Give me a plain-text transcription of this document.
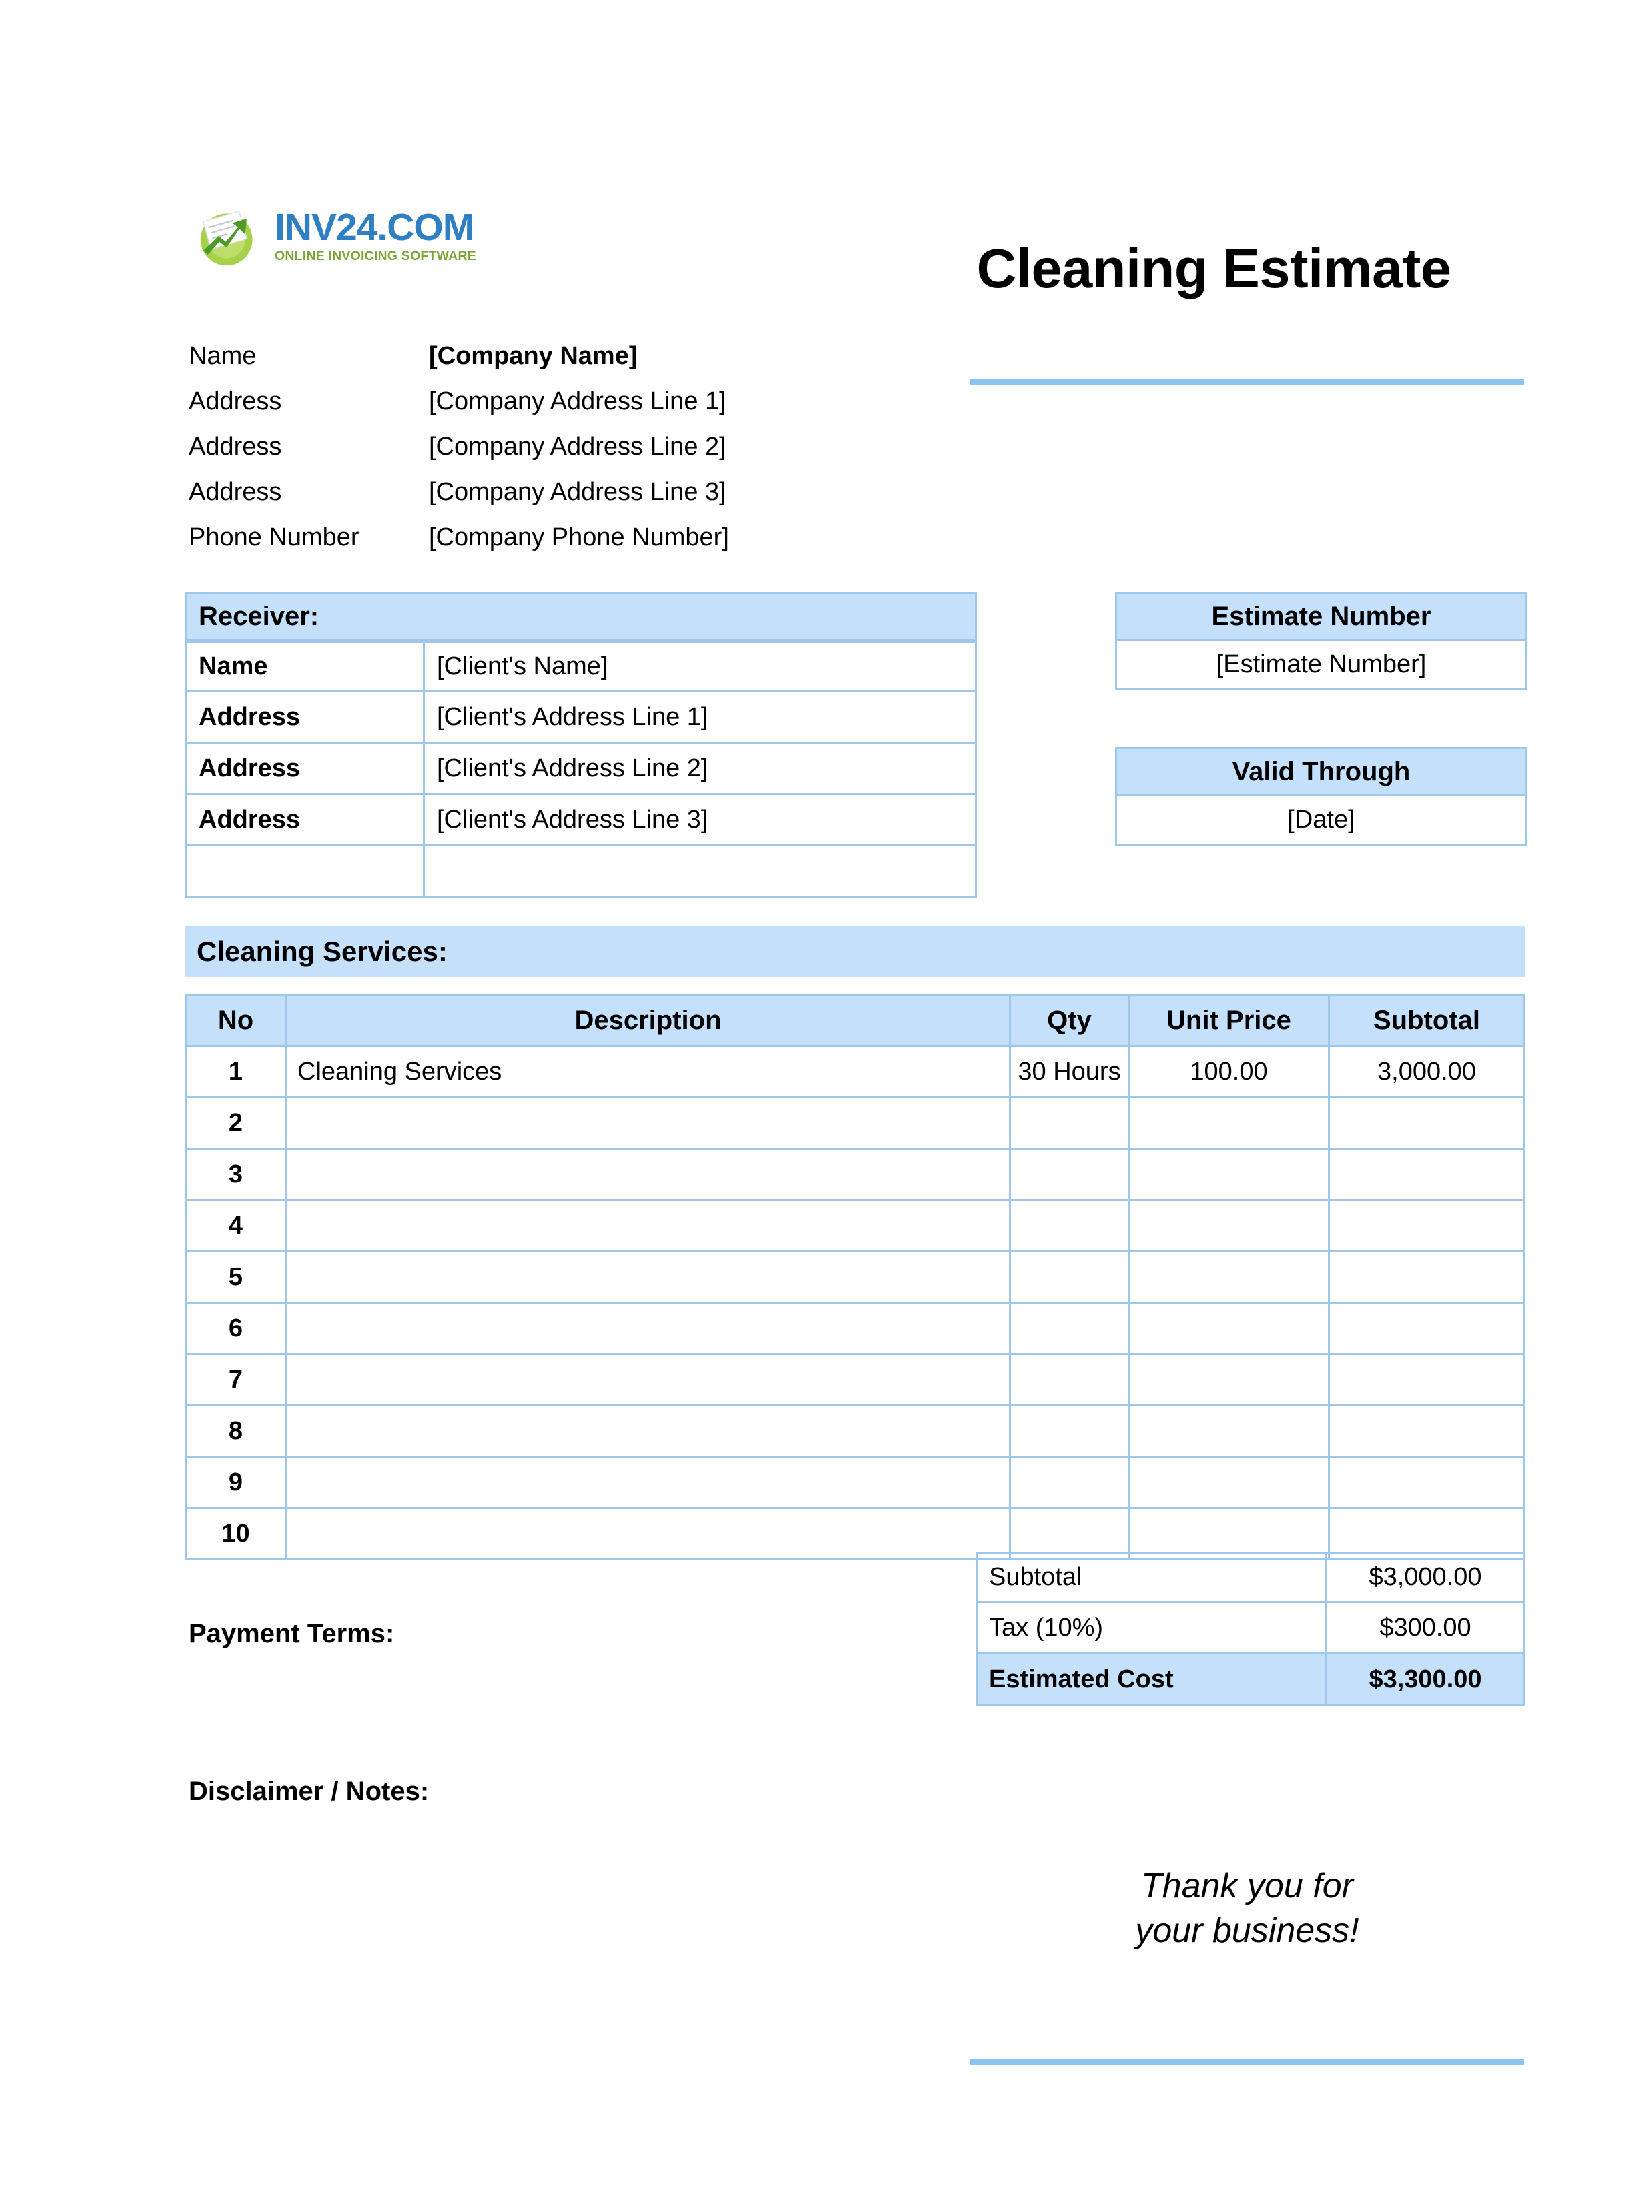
INV24.COM
ONLINE INVOICING SOFTWARE	Cleaning Estimate
Name	[Company Name]
Address	[Company Address Line 1]
Address	[Company Address Line 2]
Address	[Company Address Line 3]
Phone Number	[Company Phone Number]
Receiver:
Name	[Client's Name]
Address	[Client's Address Line 1]
Address	[Client's Address Line 2]
Address	[Client's Address Line 3]
Estimate Number
[Estimate Number]
Valid Through
[Date]
Cleaning Services:
No	Description	Qty	Unit Price	Subtotal
1	Cleaning Services	30 Hours	100.00	3,000.00
2
3
4
5
6
7
8
9
10
Subtotal	$3,000.00
Tax (10%)	$300.00
Estimated Cost	$3,300.00
Payment Terms:
Disclaimer / Notes:
Thank you for
your business!
